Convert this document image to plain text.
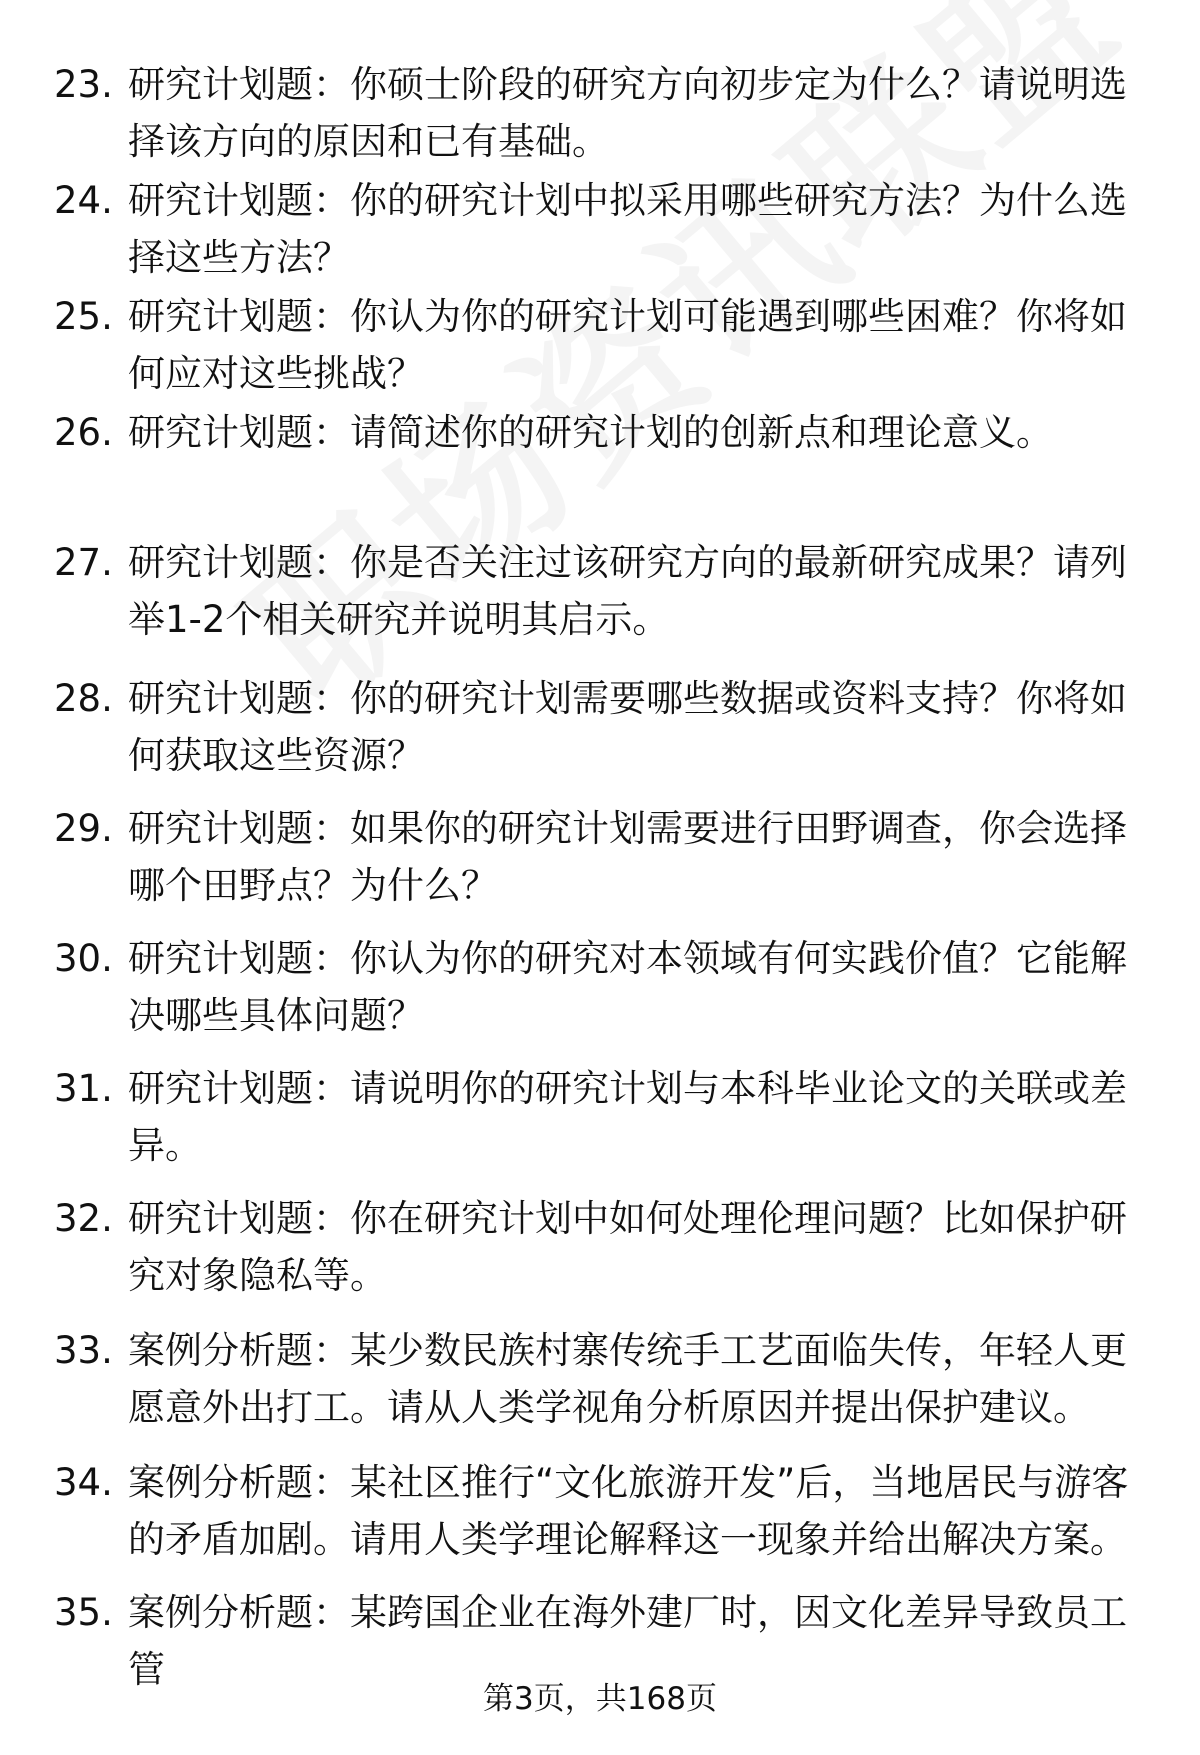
23. 研究计划题：你硕士阶段的研究方向初步定为什么？请说明选择该方向的原因和已有基础。
24. 研究计划题：你的研究计划中拟采用哪些研究方法？为什么选择这些方法？
25. 研究计划题：你认为你的研究计划可能遇到哪些困难？你将如何应对这些挑战？
26. 研究计划题：请简述你的研究计划的创新点和理论意义。
27. 研究计划题：你是否关注过该研究方向的最新研究成果？请列举1-2个相关研究并说明其启示。
28. 研究计划题：你的研究计划需要哪些数据或资料支持？你将如何获取这些资源？
29. 研究计划题：如果你的研究计划需要进行田野调查，你会选择哪个田野点？为什么？
30. 研究计划题：你认为你的研究对本领域有何实践价值？它能解决哪些具体问题？
31. 研究计划题：请说明你的研究计划与本科毕业论文的关联或差异。
32. 研究计划题：你在研究计划中如何处理伦理问题？比如保护研究对象隐私等。
33. 案例分析题：某少数民族村寨传统手工艺面临失传，年轻人更愿意外出打工。请从人类学视角分析原因并提出保护建议。
34. 案例分析题：某社区推行“文化旅游开发”后，当地居民与游客的矛盾加剧。请用人类学理论解释这一现象并给出解决方案。
35. 案例分析题：某跨国企业在海外建厂时，因文化差异导致员工管
第3页，共168页
